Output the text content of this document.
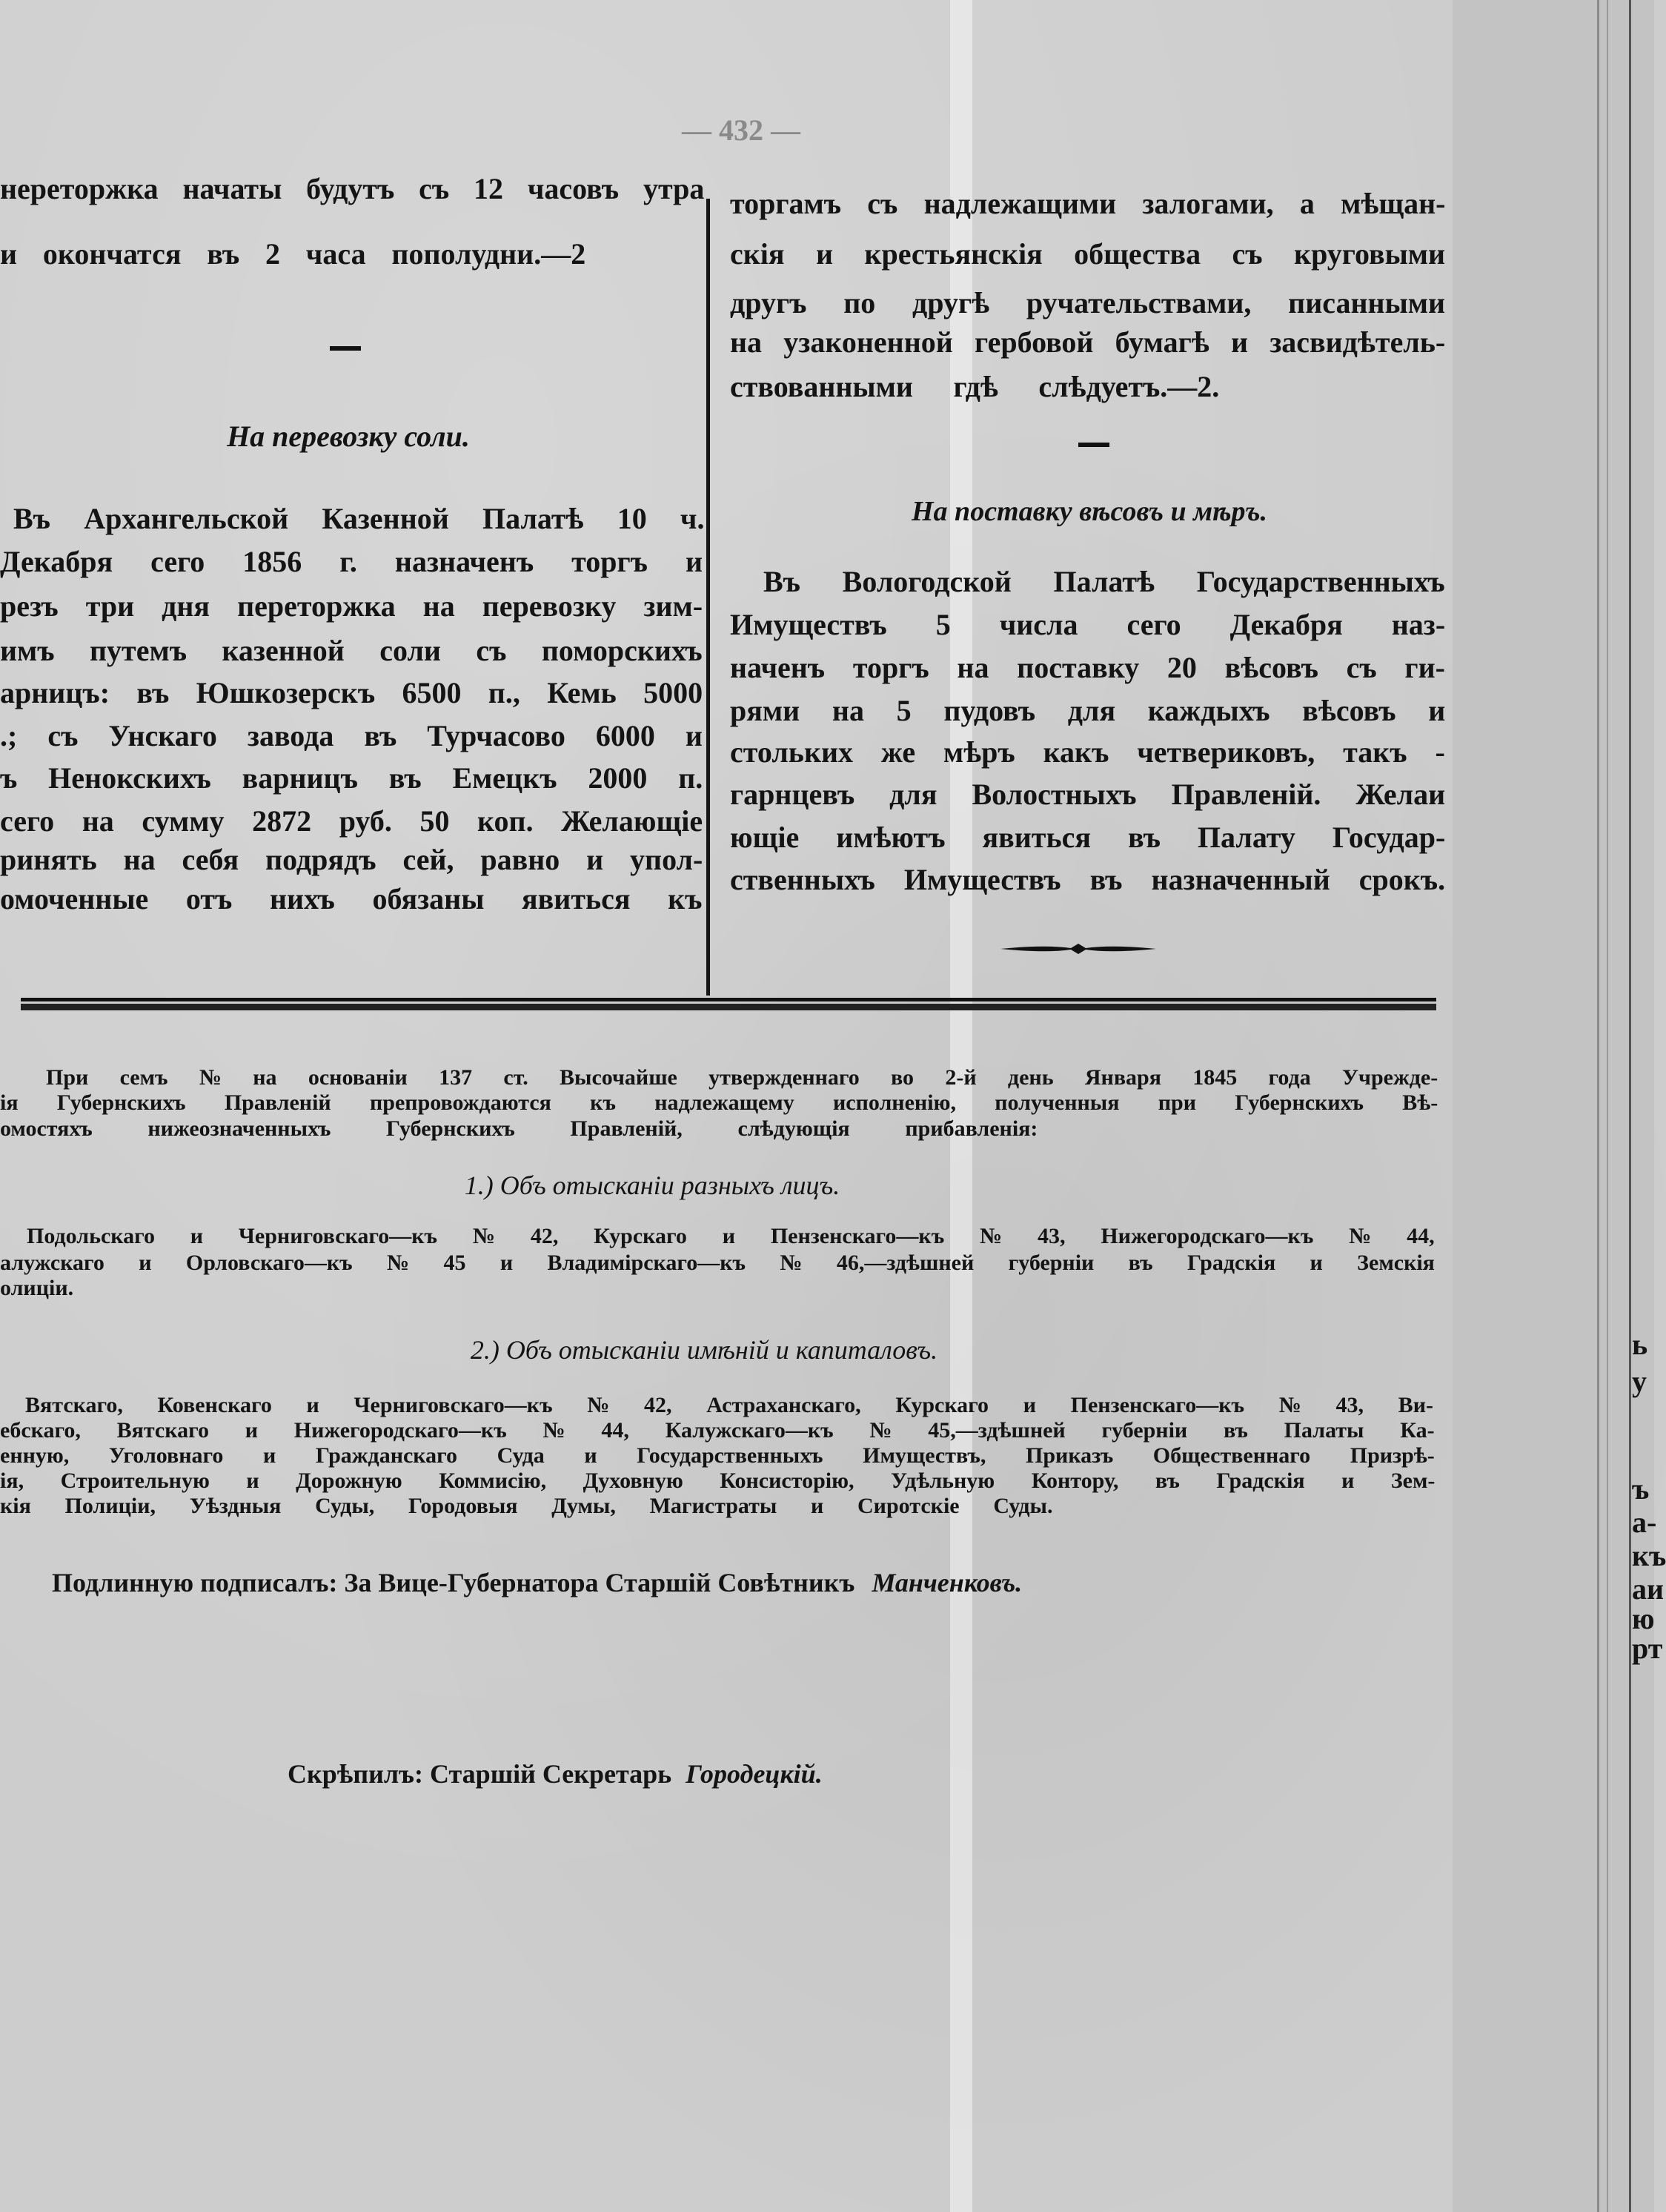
— 432 —
нереторжка начаты будутъ съ 12 часовъ утра
и окончатся въ 2 часа пополудни.—2
На перевозку соли.
Въ Архангельской Казенной Палатѣ 10 ч.
Декабря сего 1856 г. назначенъ торгъ и
резъ три дня переторжка на перевозку зим-
имъ путемъ казенной соли съ поморскихъ
арницъ: въ Юшкозерскъ 6500 п., Кемь 5000
.; съ Унскаго завода въ Турчасово 6000 и
ъ Ненокскихъ варницъ въ Емецкъ 2000 п.
сего на сумму 2872 руб. 50 коп. Желающіе
ринять на себя подрядъ сей, равно и упол-
омоченные отъ нихъ обязаны явиться къ
торгамъ съ надлежащими залогами, а мѣщан-
скія и крестьянскія общества съ круговыми
другъ по другѣ ручательствами, писанными
на узаконенной гербовой бумагѣ и засвидѣтель-
ствованными гдѣ слѣдуетъ.—2.
На поставку вѣсовъ и мѣръ.
Въ Вологодской Палатѣ Государственныхъ
Имуществъ 5 числа сего Декабря наз-
наченъ торгъ на поставку 20 вѣсовъ съ ги-
рями на 5 пудовъ для каждыхъ вѣсовъ и
стольких же мѣръ какъ четвериковъ, такъ -
гарнцевъ для Волостныхъ Правленій. Желаи
ющіе имѣютъ явиться въ Палату Государ-
ственныхъ Имуществъ въ назначенный срокъ.
При семъ № на основаніи 137 ст. Высочайше утвержденнаго во 2-й день Января 1845 года Учрежде-
ія Губернскихъ Правленій препровождаются къ надлежащему исполненію, полученныя при Губернскихъ Вѣ-
омостяхъ нижеозначенныхъ Губернскихъ Правленій, слѣдующія прибавленія:
Подольскаго и Черниговскаго—къ № 42, Курскаго и Пензенскаго—къ № 43, Нижегородскаго—къ № 44,
алужскаго и Орловскаго—къ № 45 и Владимірскаго—къ № 46,—здѣшней губерніи въ Градскія и Земскія
олиціи.
Вятскаго, Ковенскаго и Черниговскаго—къ № 42, Астраханскаго, Курскаго и Пензенскаго—къ № 43, Ви-
ебскаго, Вятскаго и Нижегородскаго—къ № 44, Калужскаго—къ № 45,—здѣшней губерніи въ Палаты Ка-
енную, Уголовнаго и Гражданскаго Суда и Государственныхъ Имуществъ, Приказъ Общественнаго Призрѣ-
ія, Строительную и Дорожную Коммисію, Духовную Консисторію, Удѣльную Контору, въ Градскія и Зем-
кія Полиціи, Уѣздныя Суды, Городовыя Думы, Магистраты и Сиротскіе Суды.
1.) Объ отысканіи разныхъ лицъ.
2.) Объ отысканіи имѣній и капиталовъ.
Подлинную подписалъ: За Вице-Губернатора Старшій Совѣтникъ Манченковъ.
Скрѣпилъ: Старшій Секретарь Городецкій.
ь
у
ъ
а-
къ
аи
ю
рт
